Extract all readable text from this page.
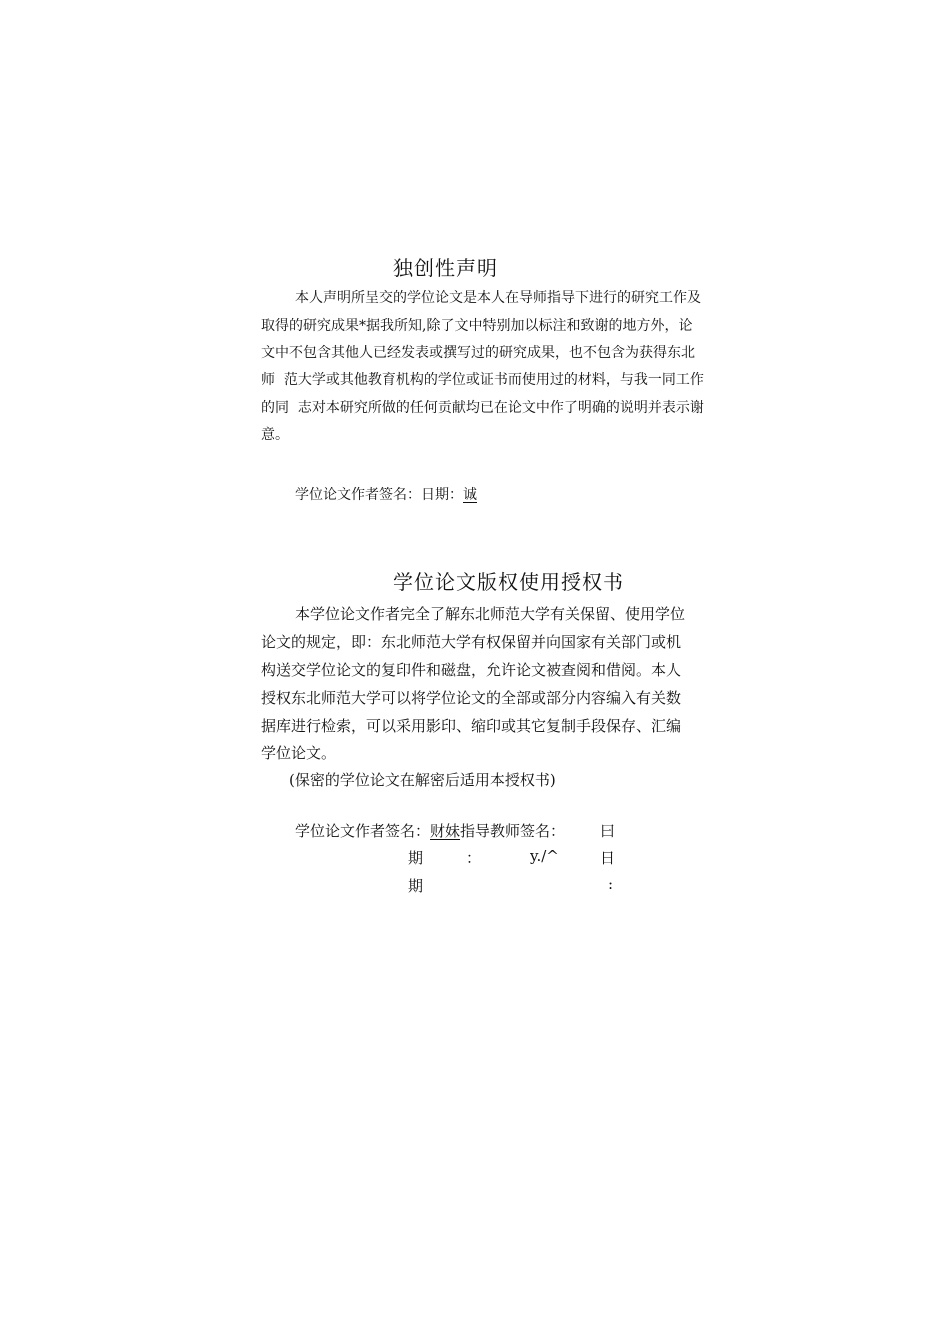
独创性声明
本人声明所呈交的学位论文是本人在导师指导下进行的研究工作及
取得的研究成果*据我所知,除了文中特别加以标注和致谢的地方外，论
文中不包含其他人已经发表或撰写过的研究成果，也不包含为获得东北
师  范大学或其他教育机构的学位或证书而使用过的材料，与我一同工作
的同  志对本研究所做的任何贡献均已在论文中作了明确的说明并表示谢
意。
学位论文作者签名：日期：诚
学位论文版权使用授权书
本学位论文作者完全了解东北师范大学有关保留、使用学位
论文的规定，即：东北师范大学有权保留并向国家有关部门或机
构送交学位论文的复印件和磁盘，允许论文被查阅和借阅。本人
授权东北师范大学可以将学位论文的全部或部分内容编入有关数
据库进行检索，可以采用影印、缩印或其它复制手段保存、汇编
学位论文。
(保密的学位论文在解密后适用本授权书)
学位论文作者签名：财妹指导教师签名： 曰
期	：	y./^	日
期	:
